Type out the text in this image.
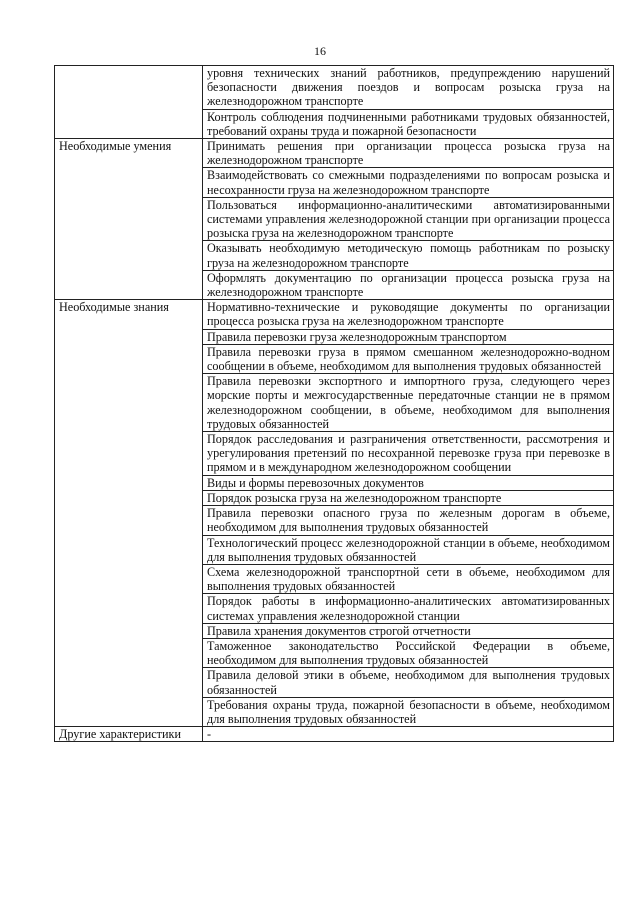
16
	уровня технических знаний работников, предупреждению нарушений безопасности движения поездов и вопросам розыска груза на железнодорожном транспорте
	Контроль соблюдения подчиненными работниками трудовых обязанностей, требований охраны труда и пожарной безопасности
Необходимые умения	Принимать решения при организации процесса розыска груза на железнодорожном транспорте
	Взаимодействовать со смежными подразделениями по вопросам розыска и несохранности груза на железнодорожном транспорте
	Пользоваться информационно-аналитическими автоматизированными системами управления железнодорожной станции при организации процесса розыска груза на железнодорожном транспорте
	Оказывать необходимую методическую помощь работникам по розыску груза на железнодорожном транспорте
	Оформлять документацию по организации процесса розыска груза на железнодорожном транспорте
Необходимые знания	Нормативно-технические и руководящие документы по организации процесса розыска груза на железнодорожном транспорте
	Правила перевозки груза железнодорожным транспортом
	Правила перевозки груза в прямом смешанном железнодорожно-водном сообщении в объеме, необходимом для выполнения трудовых обязанностей
	Правила перевозки экспортного и импортного груза, следующего через морские порты и межгосударственные передаточные станции не в прямом железнодорожном сообщении, в объеме, необходимом для выполнения трудовых обязанностей
	Порядок расследования и разграничения ответственности, рассмотрения и урегулирования претензий по несохранной перевозке груза при перевозке в прямом и в международном железнодорожном сообщении
	Виды и формы перевозочных документов
	Порядок розыска груза на железнодорожном транспорте
	Правила перевозки опасного груза по железным дорогам в объеме, необходимом для выполнения трудовых обязанностей
	Технологический процесс железнодорожной станции в объеме, необходимом для выполнения трудовых обязанностей
	Схема железнодорожной транспортной сети в объеме, необходимом для выполнения трудовых обязанностей
	Порядок работы в информационно-аналитических автоматизированных системах управления железнодорожной станции
	Правила хранения документов строгой отчетности
	Таможенное законодательство Российской Федерации в объеме, необходимом для выполнения трудовых обязанностей
	Правила деловой этики в объеме, необходимом для выполнения трудовых обязанностей
	Требования охраны труда, пожарной безопасности в объеме, необходимом для выполнения трудовых обязанностей
Другие характеристики	-
